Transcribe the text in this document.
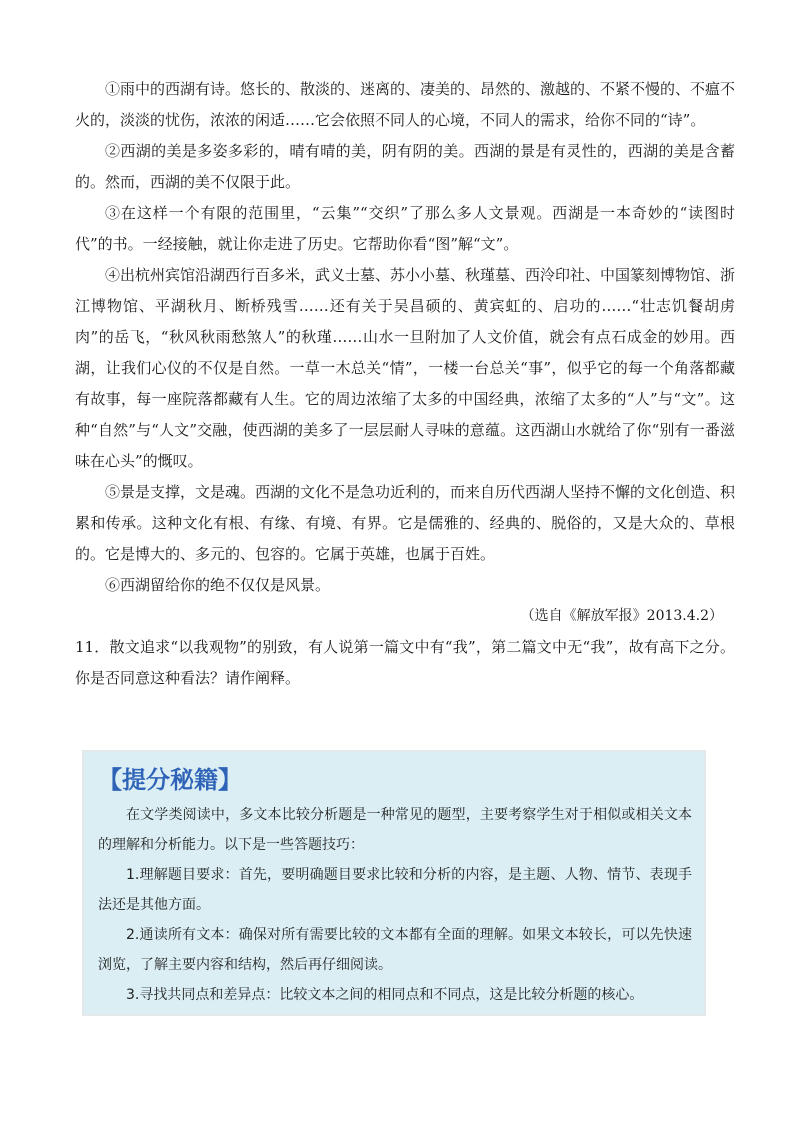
①雨中的西湖有诗。悠长的、散淡的、迷离的、凄美的、昂然的、激越的、不紧不慢的、不瘟不火的，淡淡的忧伤，浓浓的闲适……它会依照不同人的心境，不同人的需求，给你不同的“诗”。

②西湖的美是多姿多彩的，晴有晴的美，阴有阴的美。西湖的景是有灵性的，西湖的美是含蓄的。然而，西湖的美不仅限于此。

③在这样一个有限的范围里，“云集”“交织”了那么多人文景观。西湖是一本奇妙的“读图时代”的书。一经接触，就让你走进了历史。它帮助你看“图”解“文”。

④出杭州宾馆沿湖西行百多米，武义士墓、苏小小墓、秋瑾墓、西泠印社、中国篆刻博物馆、浙江博物馆、平湖秋月、断桥残雪……还有关于吴昌硕的、黄宾虹的、启功的……“壮志饥餐胡虏肉”的岳飞，“秋风秋雨愁煞人”的秋瑾……山水一旦附加了人文价值，就会有点石成金的妙用。西湖，让我们心仪的不仅是自然。一草一木总关“情”，一楼一台总关“事”，似乎它的每一个角落都藏有故事，每一座院落都藏有人生。它的周边浓缩了太多的中国经典，浓缩了太多的“人”与“文”。这种“自然”与“人文”交融，使西湖的美多了一层层耐人寻味的意蕴。这西湖山水就给了你“别有一番滋味在心头”的慨叹。

⑤景是支撑，文是魂。西湖的文化不是急功近利的，而来自历代西湖人坚持不懈的文化创造、积累和传承。这种文化有根、有缘、有境、有界。它是儒雅的、经典的、脱俗的，又是大众的、草根的。它是博大的、多元的、包容的。它属于英雄，也属于百姓。

⑥西湖留给你的绝不仅仅是风景。

（选自《解放军报》2013.4.2）

11．散文追求“以我观物”的别致，有人说第一篇文中有“我”，第二篇文中无“我”，故有高下之分。你是否同意这种看法？请作阐释。

【提分秘籍】

在文学类阅读中，多文本比较分析题是一种常见的题型，主要考察学生对于相似或相关文本的理解和分析能力。以下是一些答题技巧：

1.理解题目要求：首先，要明确题目要求比较和分析的内容，是主题、人物、情节、表现手法还是其他方面。

2.通读所有文本：确保对所有需要比较的文本都有全面的理解。如果文本较长，可以先快速浏览，了解主要内容和结构，然后再仔细阅读。

3.寻找共同点和差异点：比较文本之间的相同点和不同点，这是比较分析题的核心。
